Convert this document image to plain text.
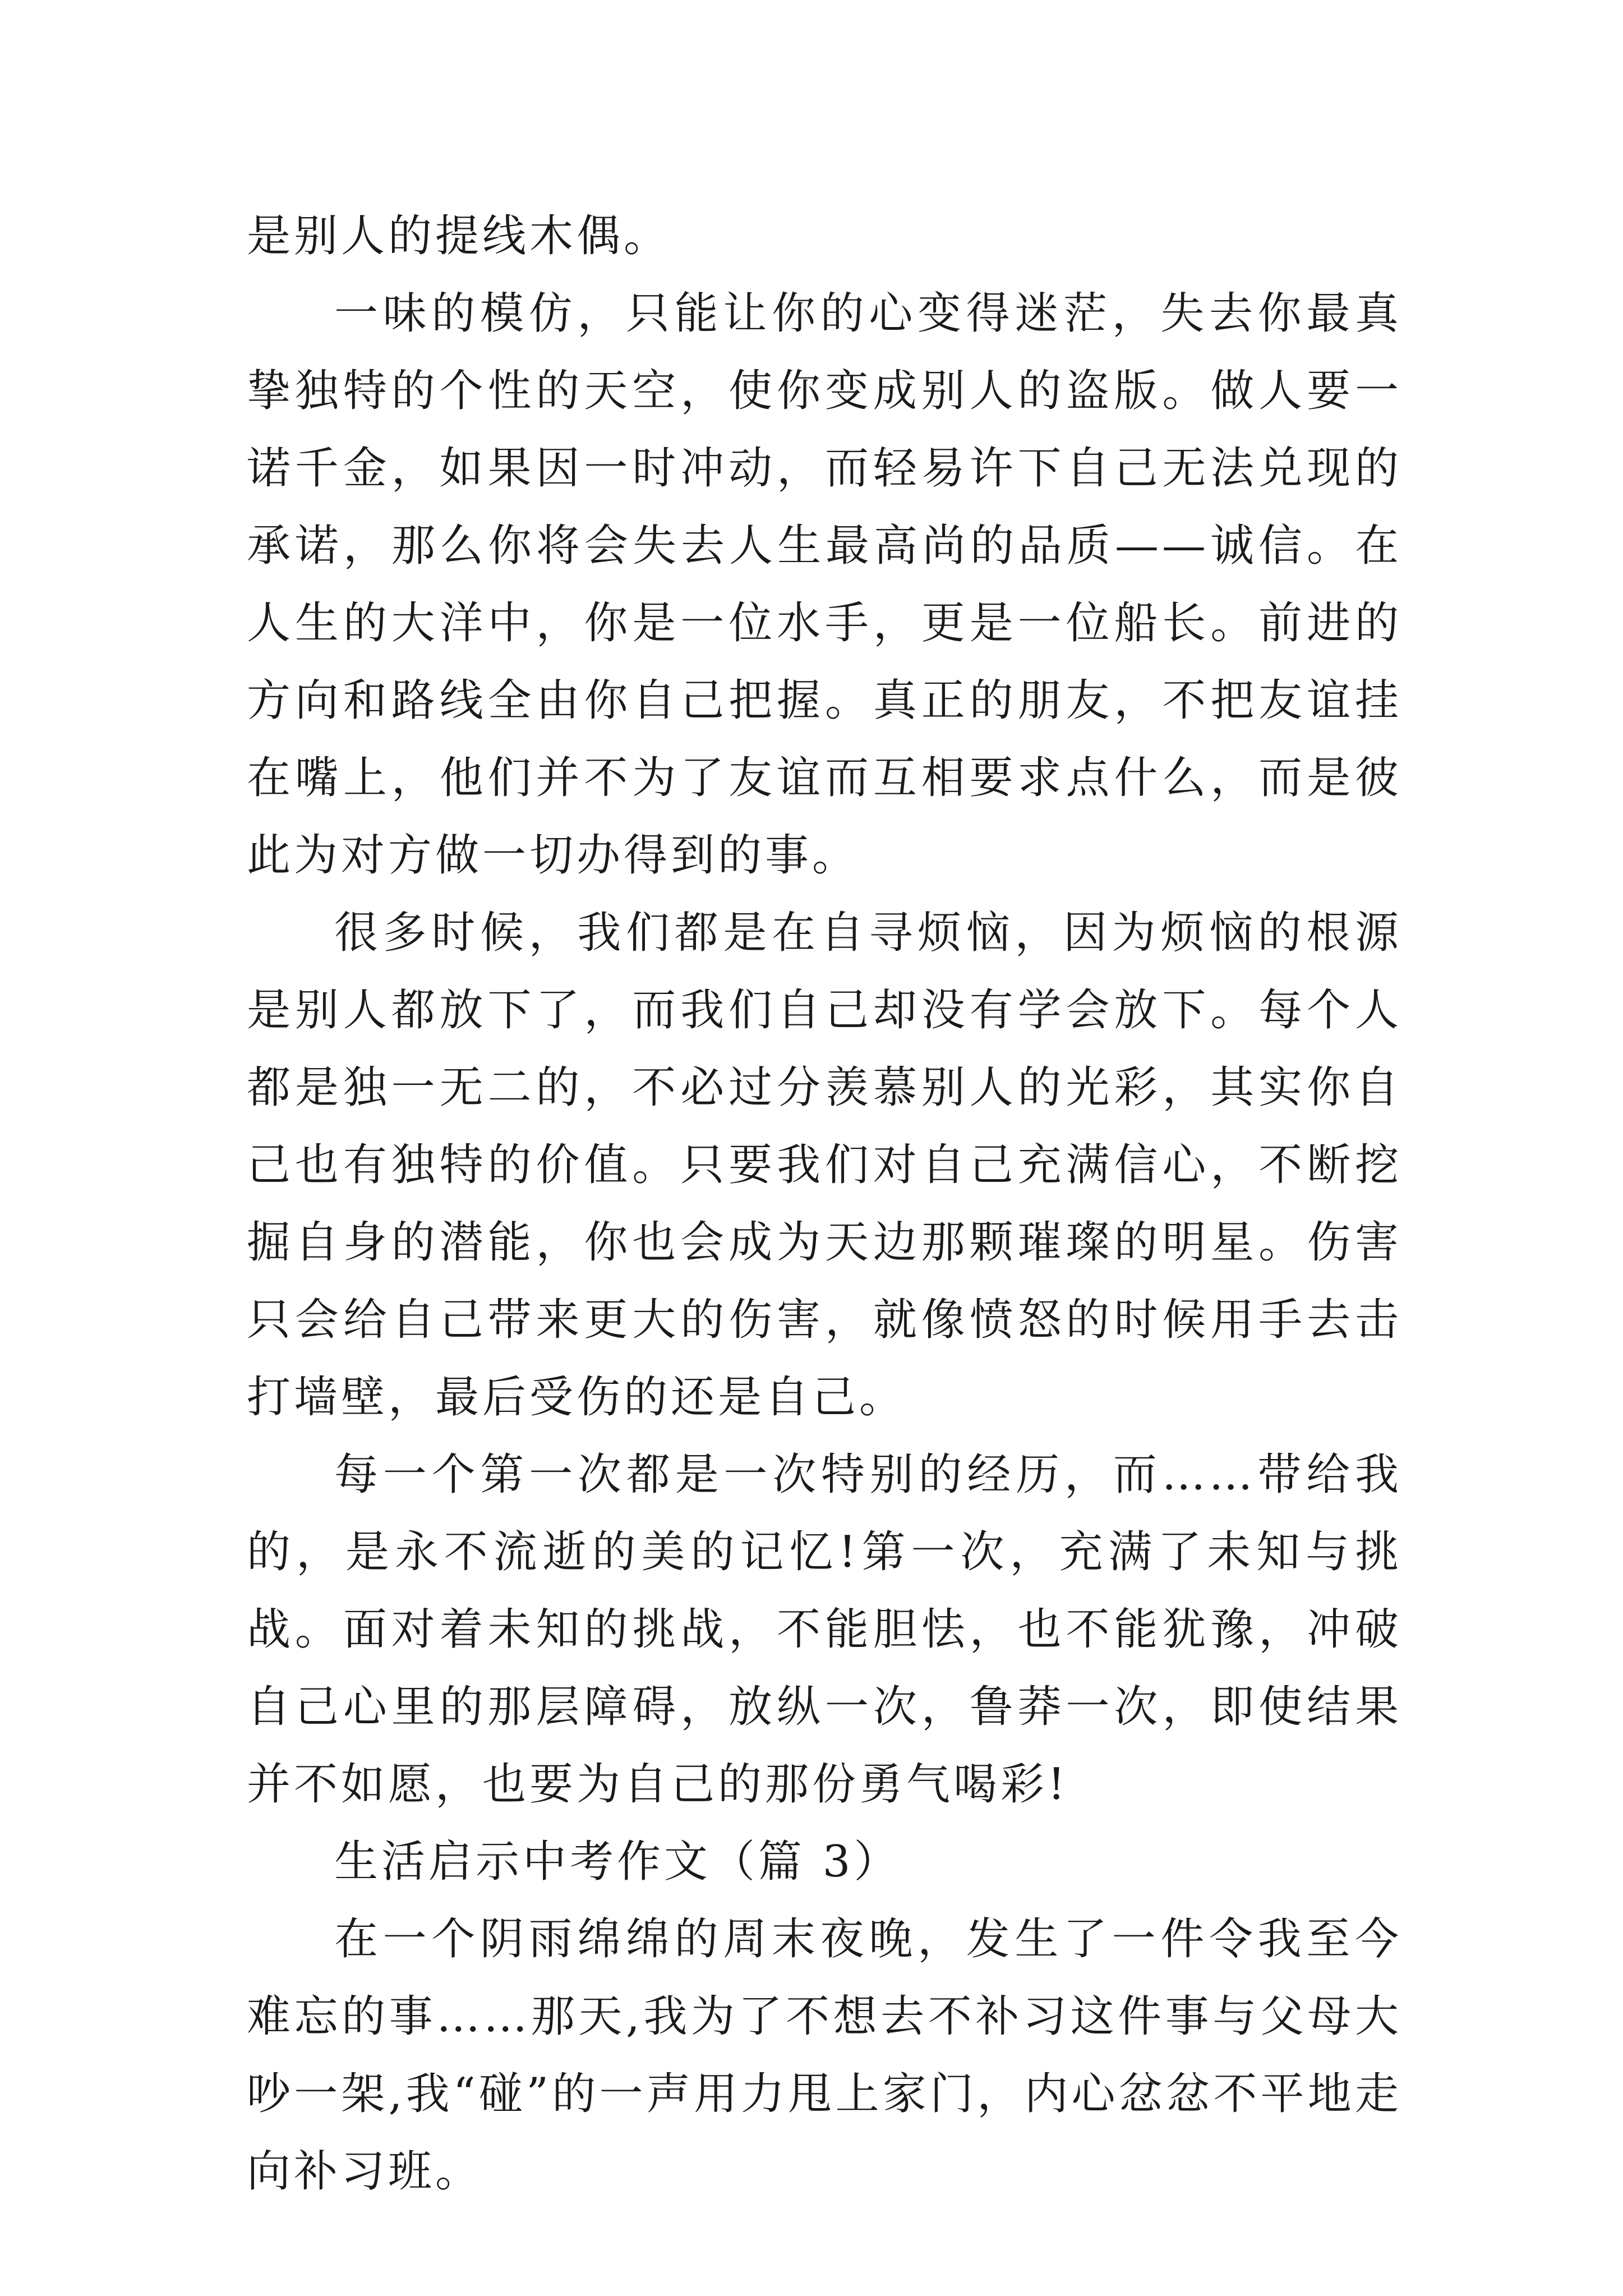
是别人的提线木偶。

一味的模仿，只能让你的心变得迷茫，失去你最真挚独特的个性的天空，使你变成别人的盗版。做人要一诺千金，如果因一时冲动，而轻易许下自己无法兑现的承诺，那么你将会失去人生最高尚的品质——诚信。在人生的大洋中，你是一位水手，更是一位船长。前进的方向和路线全由你自己把握。真正的朋友，不把友谊挂在嘴上，他们并不为了友谊而互相要求点什么，而是彼此为对方做一切办得到的事。

很多时候，我们都是在自寻烦恼，因为烦恼的根源是别人都放下了，而我们自己却没有学会放下。每个人都是独一无二的，不必过分羡慕别人的光彩，其实你自己也有独特的价值。只要我们对自己充满信心，不断挖掘自身的潜能，你也会成为天边那颗璀璨的明星。伤害只会给自己带来更大的伤害，就像愤怒的时候用手去击打墙壁，最后受伤的还是自己。

每一个第一次都是一次特别的经历，而……带给我的，是永不流逝的美的记忆!第一次，充满了未知与挑战。面对着未知的挑战，不能胆怯，也不能犹豫，冲破自己心里的那层障碍，放纵一次，鲁莽一次，即使结果并不如愿，也要为自己的那份勇气喝彩!

生活启示中考作文（篇 3）

在一个阴雨绵绵的周末夜晚，发生了一件令我至今难忘的事……那天,我为了不想去不补习这件事与父母大吵一架,我“碰”的一声用力甩上家门，内心忿忿不平地走向补习班。
